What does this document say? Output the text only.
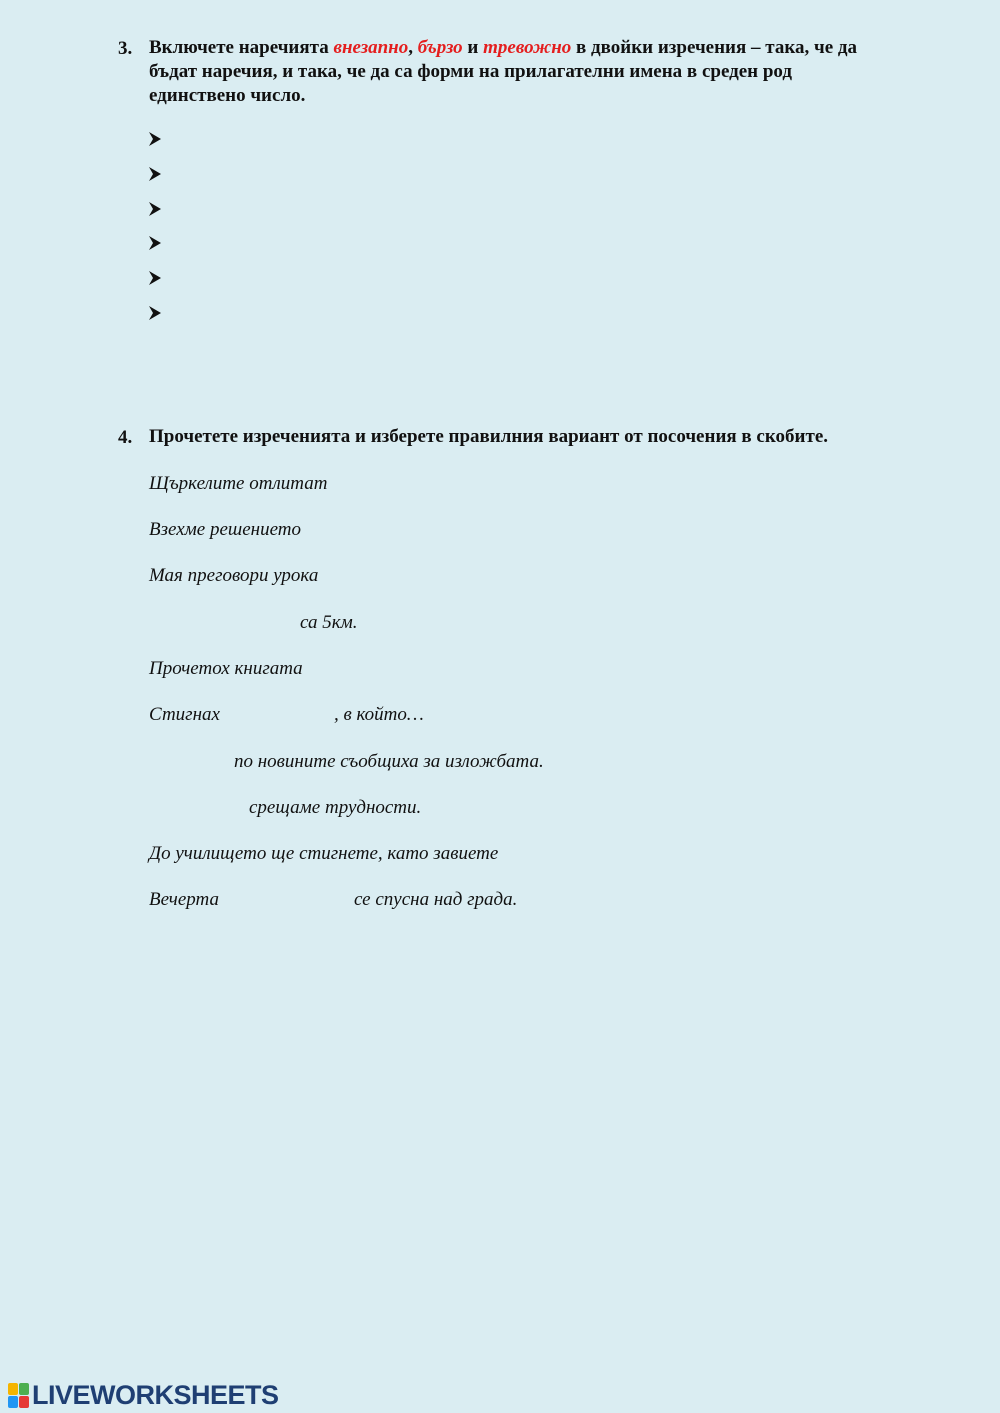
3. Включете наречията внезапно, бързо и тревожно в двойки изречения – така, че да
бъдат наречия, и така, че да са форми на прилагателни имена в среден род
единствено число.
4. Прочетете изреченията и изберете правилния вариант от посочения в скобите.
Щъркелите отлитат
Взехме решението
Мая преговори урока
са 5км.
Прочетох книгата
Стигнах	, в който…
по новините съобщиха за изложбата.
срещаме трудности.
До училището ще стигнете, като завиете
Вечерта	се спусна над града.
LIVEWORKSHEETS
